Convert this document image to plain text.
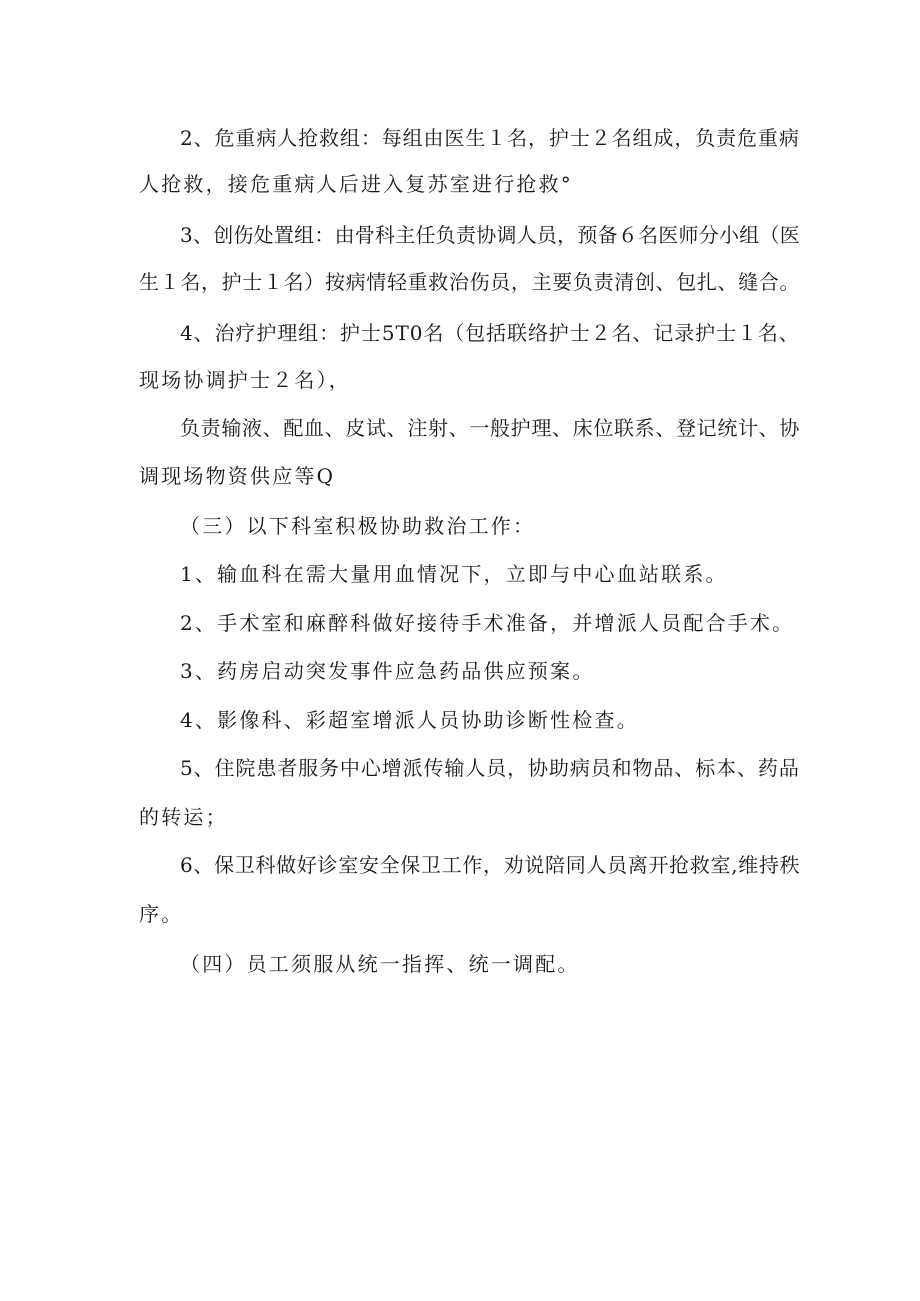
2、危重病人抢救组：每组由医生１名，护士２名组成，负责危重病
人抢救，接危重病人后进入复苏室进行抢救°
3、创伤处置组：由骨科主任负责协调人员，预备６名医师分小组（医
生１名，护士１名）按病情轻重救治伤员，主要负责清创、包扎、缝合。
4、治疗护理组：护士5T0名（包括联络护士２名、记录护士１名、
现场协调护士２名），
负责输液、配血、皮试、注射、一般护理、床位联系、登记统计、协
调现场物资供应等Q
（三）以下科室积极协助救治工作：
1、输血科在需大量用血情况下，立即与中心血站联系。
2、手术室和麻醉科做好接待手术准备，并增派人员配合手术。
3、药房启动突发事件应急药品供应预案。
4、影像科、彩超室增派人员协助诊断性检查。
5、住院患者服务中心增派传输人员，协助病员和物品、标本、药品
的转运；
6、保卫科做好诊室安全保卫工作，劝说陪同人员离开抢救室,维持秩
序。
（四）员工须服从统一指挥、统一调配。
